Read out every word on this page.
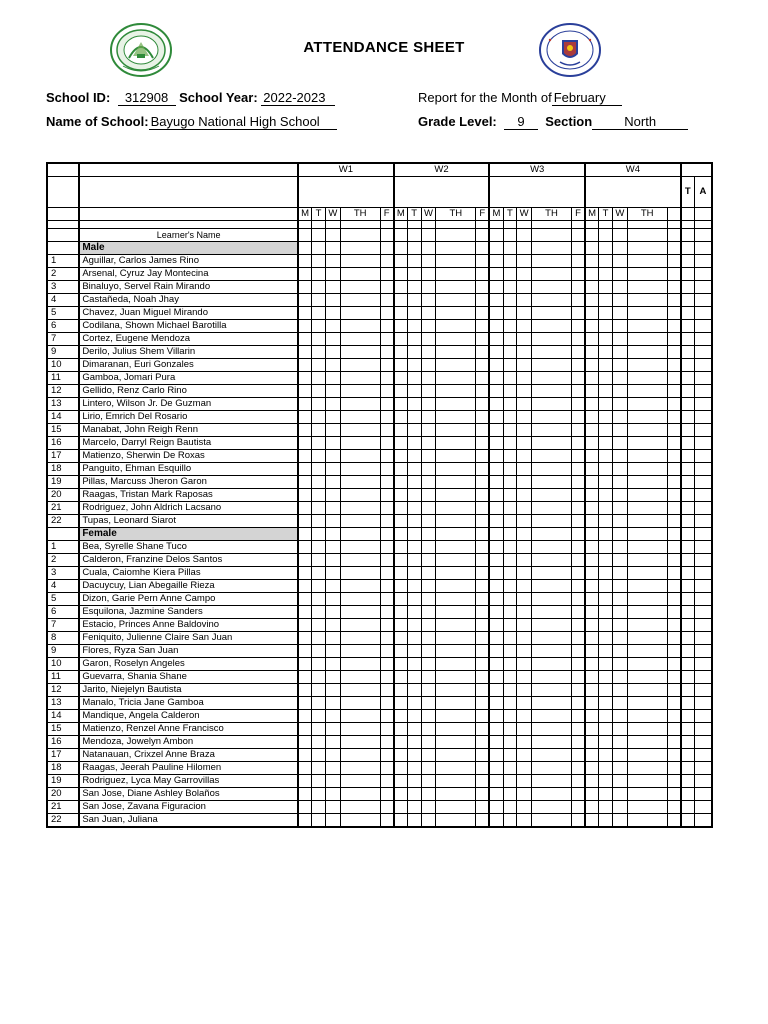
ATTENDANCE SHEET
School ID: 312908 School Year: 2022-2023	Report for the Month of February
Name of School: Bayugo National High School	Grade Level: 9 Section North
		W1					W2					W3					W4						
																						T	A
		M	T	W	TH	F	M	T	W	TH	F	M	T	W	TH	F	M	T	W	TH			

	Learner's Name																						
	Male																						
1	Aguillar, Carlos James Rino																						
2	Arsenal, Cyruz Jay Montecina																						
3	Binaluyo, Servel Rain Mirando																						
4	Castañeda, Noah Jhay																						
5	Chavez, Juan Miguel Mirando																						
6	Codilana, Shown Michael Barotilla																						
7	Cortez, Eugene Mendoza																						
9	Derilo, Julius Shem Villarin																						
10	Dimaranan, Euri Gonzales																						
11	Gamboa, Jomari Pura																						
12	Gellido, Renz Carlo Rino																						
13	Lintero, Wilson Jr. De Guzman																						
14	Lirio, Emrich Del Rosario																						
15	Manabat, John Reigh Renn																						
16	Marcelo, Darryl Reign Bautista																						
17	Matienzo, Sherwin De Roxas																						
18	Panguito, Ehman Esquillo																						
19	Pillas, Marcuss Jheron Garon																						
20	Raagas, Tristan Mark Raposas																						
21	Rodriguez, John Aldrich Lacsano																						
22	Tupas, Leonard Siarot																						
	Female																						
1	Bea, Syrelle Shane Tuco																						
2	Calderon, Franzine Delos Santos																						
3	Cuala, Caiomhe Kiera Pillas																						
4	Dacuycuy, Lian Abegaille Rieza																						
5	Dizon, Garie Pern Anne Campo																						
6	Esquilona, Jazmine Sanders																						
7	Estacio, Princes Anne Baldovino																						
8	Feniquito, Julienne Claire San Juan																						
9	Flores, Ryza San Juan																						
10	Garon, Roselyn Angeles																						
11	Guevarra, Shania Shane																						
12	Jarito, Niejelyn Bautista																						
13	Manalo, Tricia Jane Gamboa																						
14	Mandique, Angela Calderon																						
15	Matienzo, Renzel Anne Francisco																						
16	Mendoza, Jowelyn Ambon																						
17	Natanauan, Crixzel Anne Braza																						
18	Raagas, Jeerah Pauline Hilomen																						
19	Rodriguez, Lyca May Garrovillas																						
20	San Jose, Diane Ashley Bolaños																						
21	San Jose, Zavana Figuracion																						
22	San Juan, Juliana																						
